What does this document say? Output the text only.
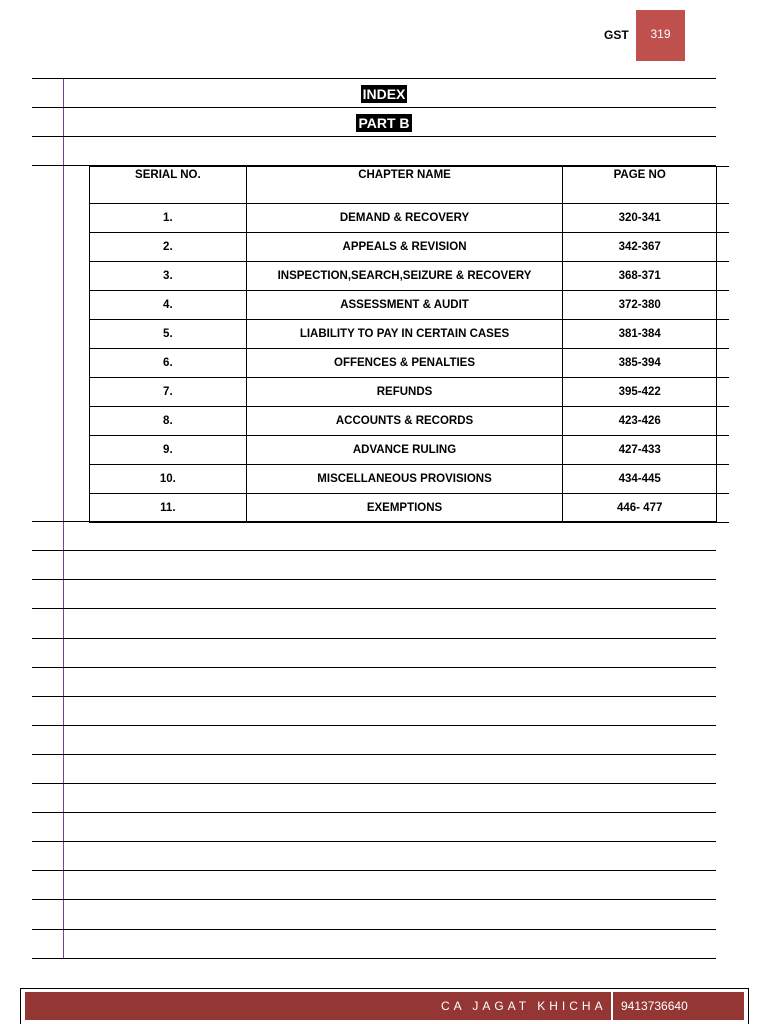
GST 319
INDEX
PART B
SERIAL NO.	CHAPTER NAME	PAGE NO	
1.	DEMAND & RECOVERY	320-341	
2.	APPEALS & REVISION	342-367	
3.	INSPECTION,SEARCH,SEIZURE & RECOVERY	368-371	
4.	ASSESSMENT & AUDIT	372-380	
5.	LIABILITY TO PAY IN CERTAIN CASES	381-384	
6.	OFFENCES & PENALTIES	385-394	
7.	REFUNDS	395-422	
8.	ACCOUNTS & RECORDS	423-426	
9.	ADVANCE RULING	427-433	
10.	MISCELLANEOUS PROVISIONS	434-445	
11.	EXEMPTIONS	446- 477	
CA JAGAT KHICHA 9413736640
